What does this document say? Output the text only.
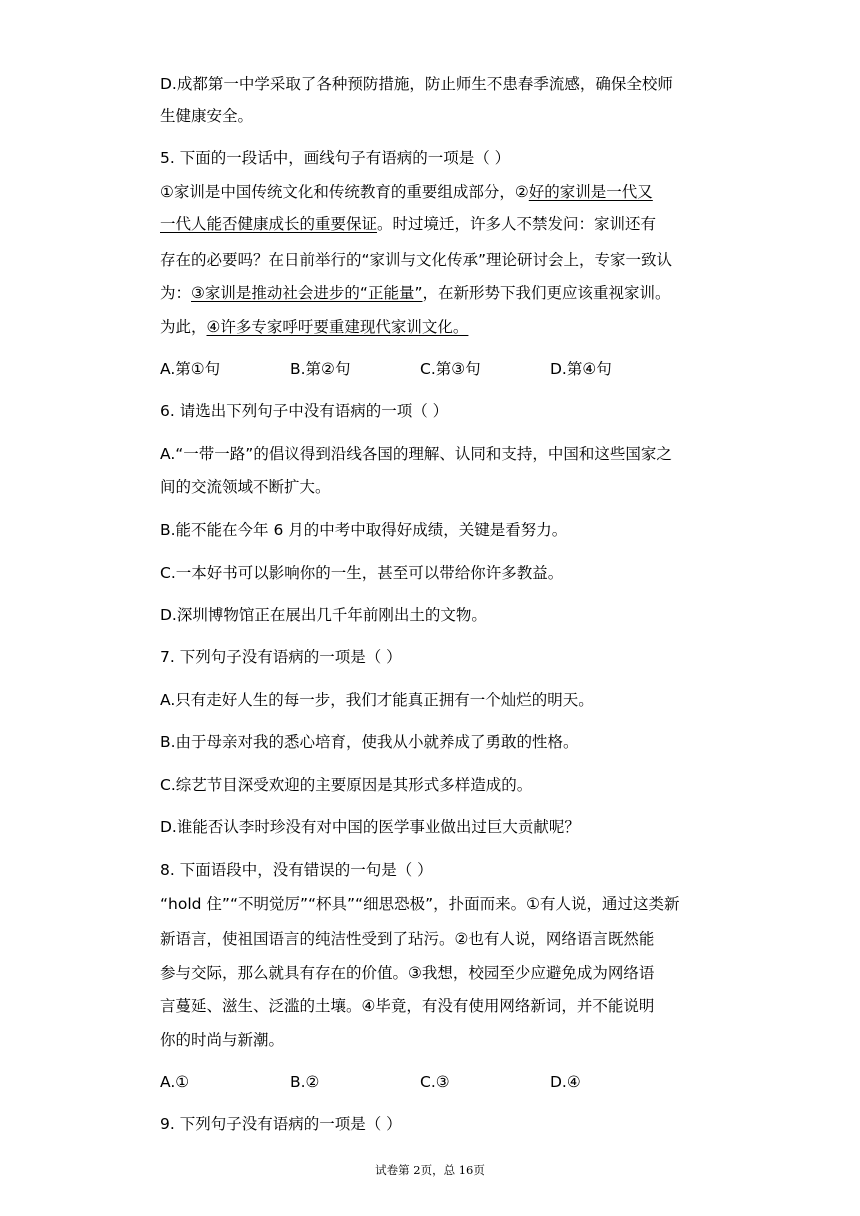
D.成都第一中学采取了各种预防措施，防止师生不患春季流感，确保全校师
生健康安全。
5. 下面的一段话中，画线句子有语病的一项是（ ）
①家训是中国传统文化和传统教育的重要组成部分，②好的家训是一代又
一代人能否健康成长的重要保证。时过境迁，许多人不禁发问：家训还有
存在的必要吗？在日前举行的“家训与文化传承”理论研讨会上，专家一致认
为：③家训是推动社会进步的“正能量”，在新形势下我们更应该重视家训。
为此，④许多专家呼吁要重建现代家训文化。
A.第①句	B.第②句	C.第③句	D.第④句
6. 请选出下列句子中没有语病的一项（ ）
A.“一带一路”的倡议得到沿线各国的理解、认同和支持，中国和这些国家之
间的交流领域不断扩大。
B.能不能在今年 6 月的中考中取得好成绩，关键是看努力。
C.一本好书可以影响你的一生，甚至可以带给你许多教益。
D.深圳博物馆正在展出几千年前刚出土的文物。
7. 下列句子没有语病的一项是（ ）
A.只有走好人生的每一步，我们才能真正拥有一个灿烂的明天。
B.由于母亲对我的悉心培育，使我从小就养成了勇敢的性格。
C.综艺节目深受欢迎的主要原因是其形式多样造成的。
D.谁能否认李时珍没有对中国的医学事业做出过巨大贡献呢？
8. 下面语段中，没有错误的一句是（ ）
“hold 住”“不明觉厉”“杯具”“细思恐极”，扑面而来。①有人说，通过这类新
新语言，使祖国语言的纯洁性受到了玷污。②也有人说，网络语言既然能
参与交际，那么就具有存在的价值。③我想，校园至少应避免成为网络语
言蔓延、滋生、泛滥的土壤。④毕竟，有没有使用网络新词，并不能说明
你的时尚与新潮。
A.①	B.②	C.③	D.④
9. 下列句子没有语病的一项是（ ）
试卷第 2页，总 16页
